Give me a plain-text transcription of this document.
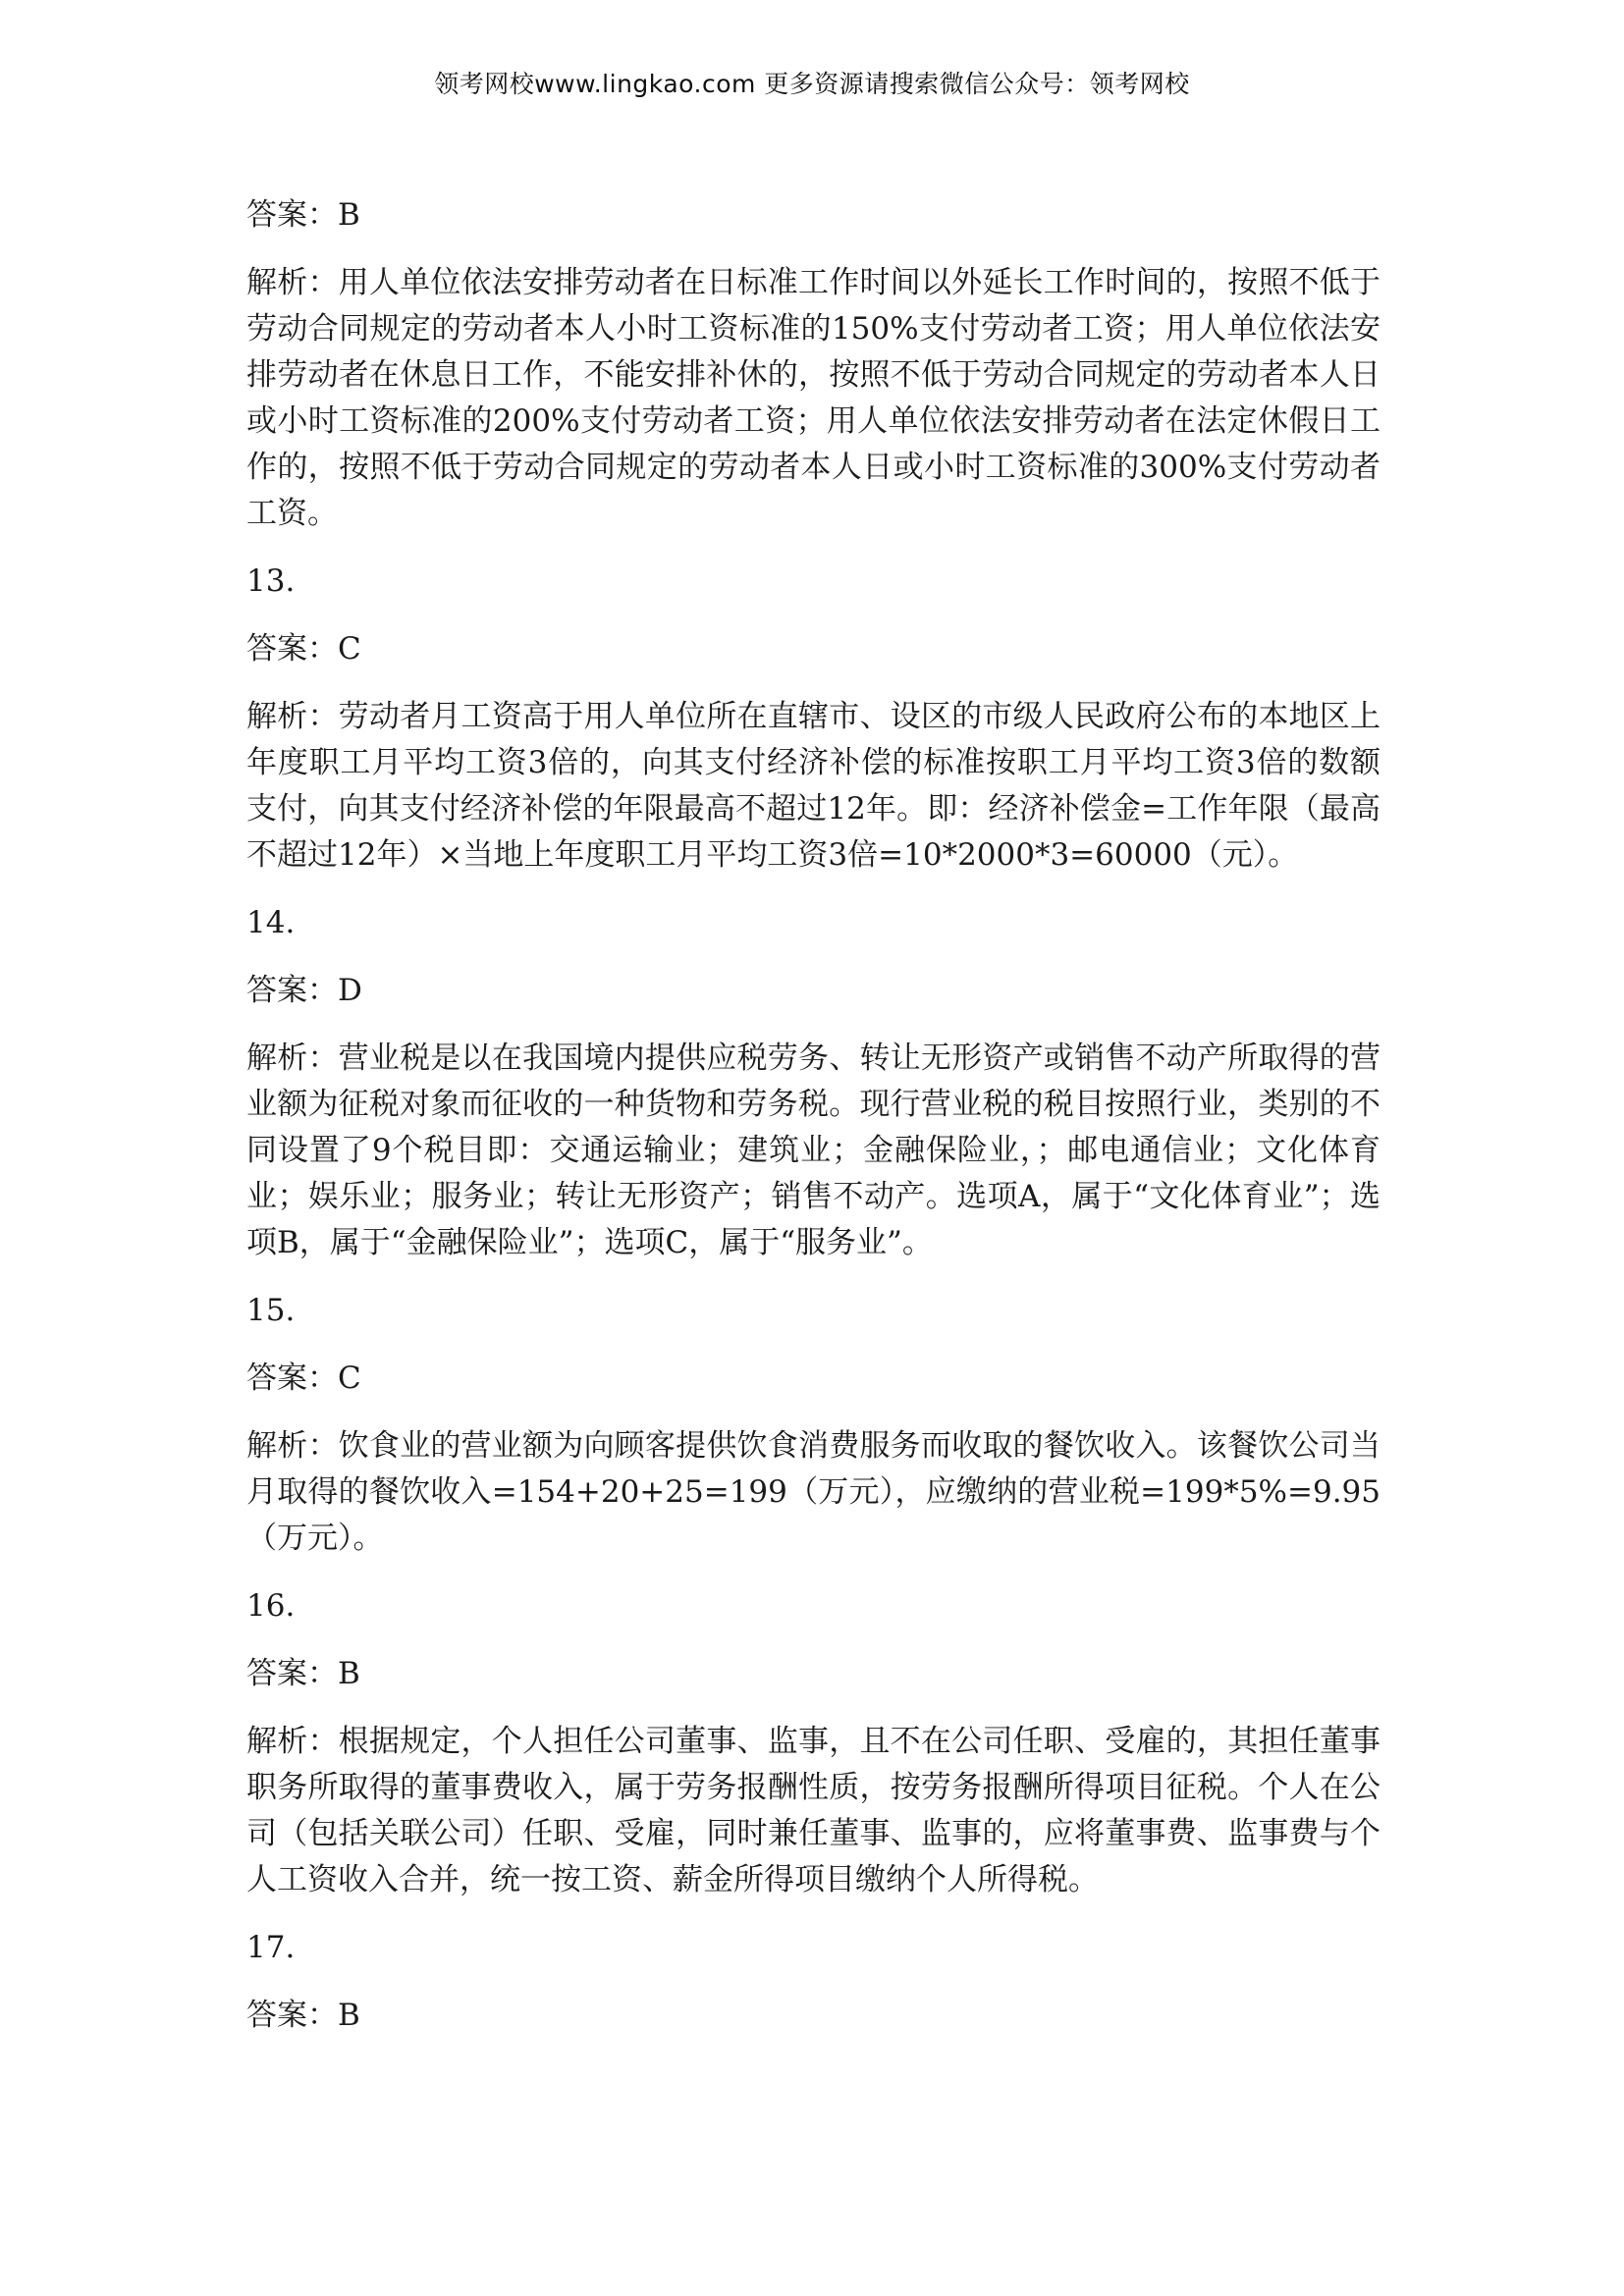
领考网校www.lingkao.com 更多资源请搜索微信公众号：领考网校

答案：B

解析：用人单位依法安排劳动者在日标准工作时间以外延长工作时间的，按照不低于劳动合同规定的劳动者本人小时工资标准的150%支付劳动者工资；用人单位依法安排劳动者在休息日工作，不能安排补休的，按照不低于劳动合同规定的劳动者本人日或小时工资标准的200%支付劳动者工资；用人单位依法安排劳动者在法定休假日工作的，按照不低于劳动合同规定的劳动者本人日或小时工资标准的300%支付劳动者工资。

13.

答案：C

解析：劳动者月工资高于用人单位所在直辖市、设区的市级人民政府公布的本地区上年度职工月平均工资3倍的，向其支付经济补偿的标准按职工月平均工资3倍的数额支付，向其支付经济补偿的年限最高不超过12年。即：经济补偿金=工作年限（最高不超过12年）×当地上年度职工月平均工资3倍=10*2000*3=60000（元）。

14.

答案：D

解析：营业税是以在我国境内提供应税劳务、转让无形资产或销售不动产所取得的营业额为征税对象而征收的一种货物和劳务税。现行营业税的税目按照行业，类别的不同设置了9个税目即：交通运输业；建筑业；金融保险业，；邮电通信业；文化体育业；娱乐业；服务业；转让无形资产；销售不动产。选项A，属于“文化体育业”；选项B，属于“金融保险业”；选项C，属于“服务业”。

15.

答案：C

解析：饮食业的营业额为向顾客提供饮食消费服务而收取的餐饮收入。该餐饮公司当月取得的餐饮收入=154+20+25=199（万元），应缴纳的营业税=199*5%=9.95（万元）。

16.

答案：B

解析：根据规定，个人担任公司董事、监事，且不在公司任职、受雇的，其担任董事职务所取得的董事费收入，属于劳务报酬性质，按劳务报酬所得项目征税。个人在公司（包括关联公司）任职、受雇，同时兼任董事、监事的，应将董事费、监事费与个人工资收入合并，统一按工资、薪金所得项目缴纳个人所得税。

17.

答案：B
